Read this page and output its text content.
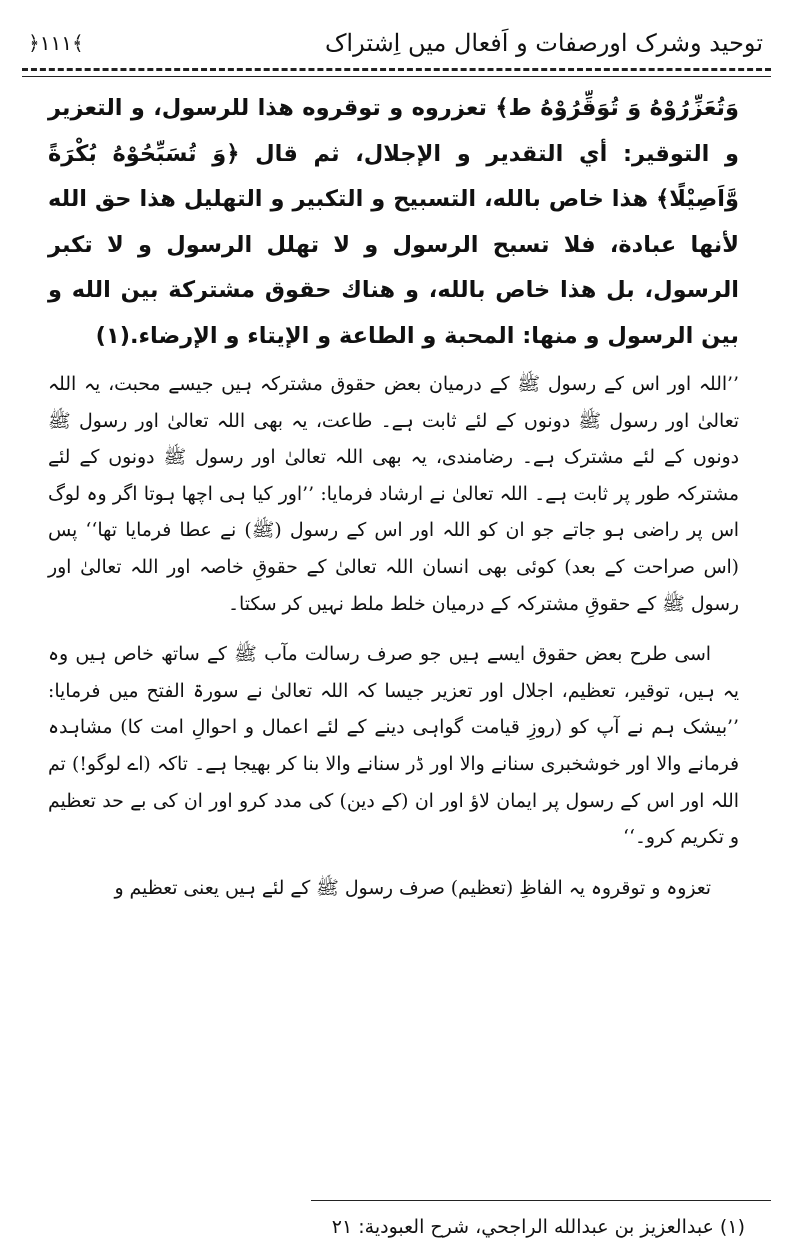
توحید وشرک اورصفات و اَفعال میں اِشتراک
﴿۱۱۱﴾

وَتُعَزِّرُوْهُ وَ تُوَقِّرُوْهُ ط﴾ تعزروه و توقروه هذا للرسول، و التعزير و التوقير: أي التقدير و الإجلال، ثم قال ﴿وَ تُسَبِّحُوْهُ بُكْرَةً وَّاَصِيْلًا﴾ هذا خاص بالله، التسبيح و التكبير و التهليل هذا حق الله لأنها عبادة، فلا تسبح الرسول و لا تهلل الرسول و لا تكبر الرسول، بل هذا خاص بالله، و هناك حقوق مشتركة بين الله و بين الرسول و منها: المحبة و الطاعة و الإيتاء و الإرضاء.(١)

’’اللہ اور اس کے رسول ﷺ کے درمیان بعض حقوق مشترکہ ہیں جیسے محبت، یہ اللہ تعالیٰ اور رسول ﷺ دونوں کے لئے ثابت ہے۔ طاعت، یہ بھی اللہ تعالیٰ اور رسول ﷺ دونوں کے لئے مشترک ہے۔ رضامندی، یہ بھی اللہ تعالیٰ اور رسول ﷺ دونوں کے لئے مشترکہ طور پر ثابت ہے۔ اللہ تعالیٰ نے ارشاد فرمایا: ’’اور کیا ہی اچھا ہوتا اگر وہ لوگ اس پر راضی ہو جاتے جو ان کو اللہ اور اس کے رسول (ﷺ) نے عطا فرمایا تھا‘‘ پس (اس صراحت کے بعد) کوئی بھی انسان اللہ تعالیٰ کے حقوقِ خاصہ اور اللہ تعالیٰ اور رسول ﷺ کے حقوقِ مشترکہ کے درمیان خلط ملط نہیں کر سکتا۔

اسی طرح بعض حقوق ایسے ہیں جو صرف رسالت مآب ﷺ کے ساتھ خاص ہیں وہ یہ ہیں، توقیر، تعظیم، اجلال اور تعزیر جیسا کہ اللہ تعالیٰ نے سورۃ الفتح میں فرمایا: ’’بیشک ہم نے آپ کو (روزِ قیامت گواہی دینے کے لئے اعمال و احوالِ امت کا) مشاہدہ فرمانے والا اور خوشخبری سنانے والا اور ڈر سنانے والا بنا کر بھیجا ہے۔ تاکہ (اے لوگو!) تم اللہ اور اس کے رسول پر ایمان لاؤ اور ان (کے دین) کی مدد کرو اور ان کی بے حد تعظیم و تکریم کرو۔‘‘

تعزوہ و توقروہ یہ الفاظِ (تعظیم) صرف رسول ﷺ کے لئے ہیں یعنی تعظیم و

(١) عبدالعزيز بن عبدالله الراجحي، شرح العبودية: ٢١
